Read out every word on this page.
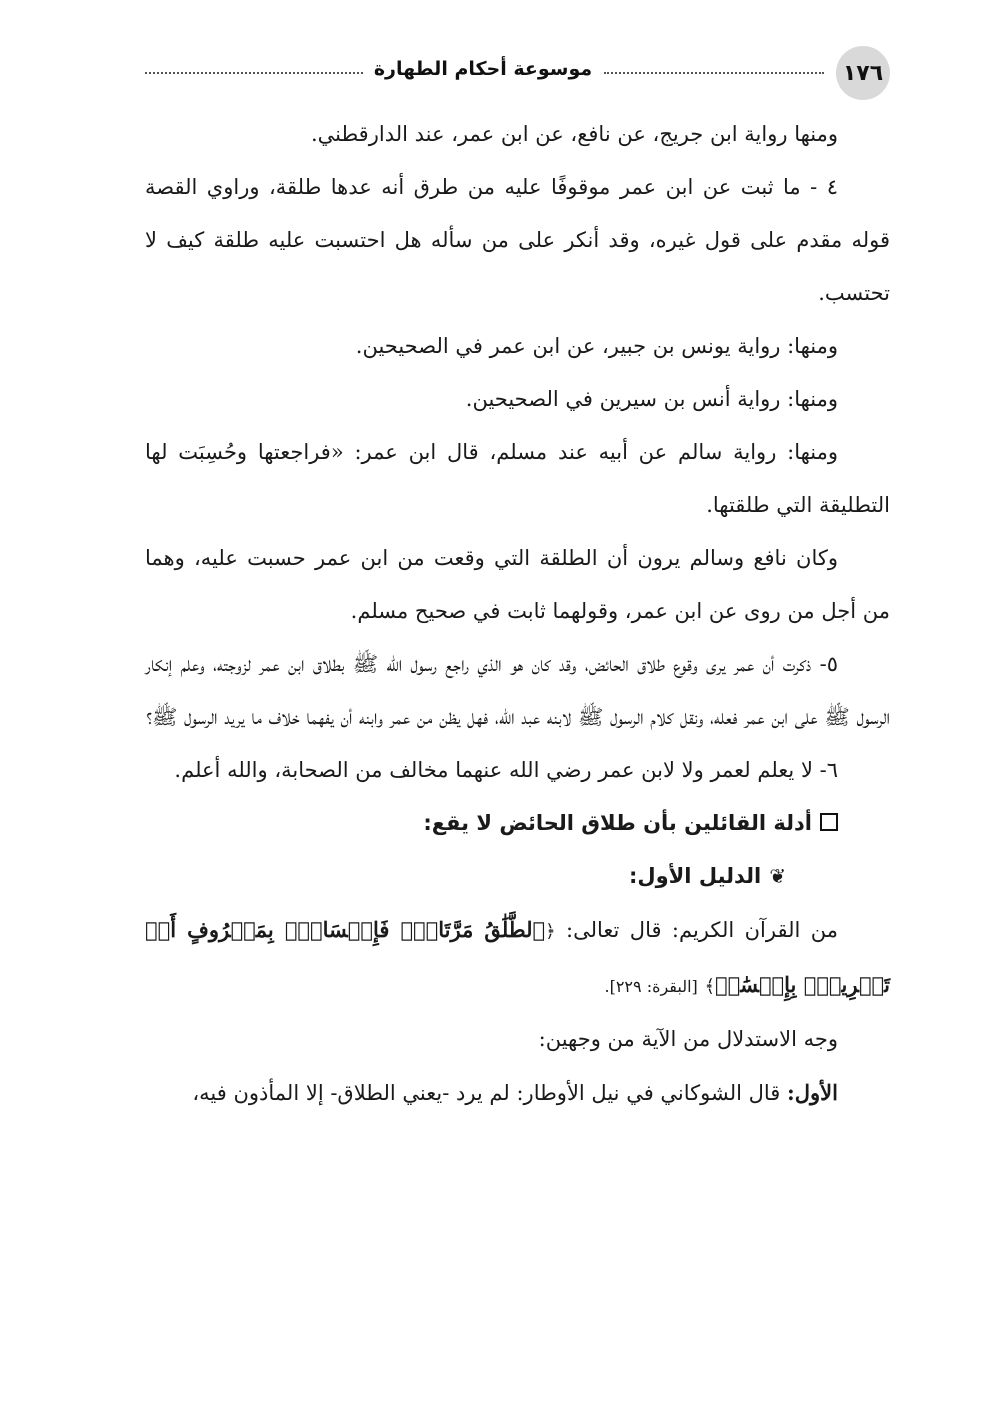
١٧٦
موسوعة أحكام الطهارة

ومنها رواية ابن جريج، عن نافع، عن ابن عمر، عند الدارقطني.

٤ - ما ثبت عن ابن عمر موقوفًا عليه من طرق أنه عدها طلقة، وراوي القصة قوله مقدم على قول غيره، وقد أنكر على من سأله هل احتسبت عليه طلقة كيف لا تحتسب.

ومنها: رواية يونس بن جبير، عن ابن عمر في الصحيحين.

ومنها: رواية أنس بن سيرين في الصحيحين.

ومنها: رواية سالم عن أبيه عند مسلم، قال ابن عمر: «فراجعتها وحُسِبَت لها التطليقة التي طلقتها.

وكان نافع وسالم يرون أن الطلقة التي وقعت من ابن عمر حسبت عليه، وهما من أجل من روى عن ابن عمر، وقولهما ثابت في صحيح مسلم.

٥- ذكرت أن عمر يرى وقوع طلاق الحائض، وقد كان هو الذي راجع رسول الله ﷺ بطلاق ابن عمر لزوجته، وعلم إنكار الرسول ﷺ على ابن عمر فعله، ونقل كلام الرسول ﷺ لابنه عبد الله، فهل يظن من عمر وابنه أن يفهما خلاف ما يريد الرسول ﷺ؟

٦- لا يعلم لعمر ولا لابن عمر رضي الله عنهما مخالف من الصحابة، والله أعلم.

أدلة القائلين بأن طلاق الحائض لا يقع:

❦الدليل الأول:

من القرآن الكريم: قال تعالى: ﴿ٱلطَّلَٰقُ مَرَّتَانِۖ فَإِمۡسَاكُۢ بِمَعۡرُوفٍ أَوۡ تَسۡرِيحُۢ بِإِحۡسَٰنٖ﴾ [البقرة: ٢٢٩].

وجه الاستدلال من الآية من وجهين:

الأول: قال الشوكاني في نيل الأوطار: لم يرد -يعني الطلاق- إلا المأذون فيه،
